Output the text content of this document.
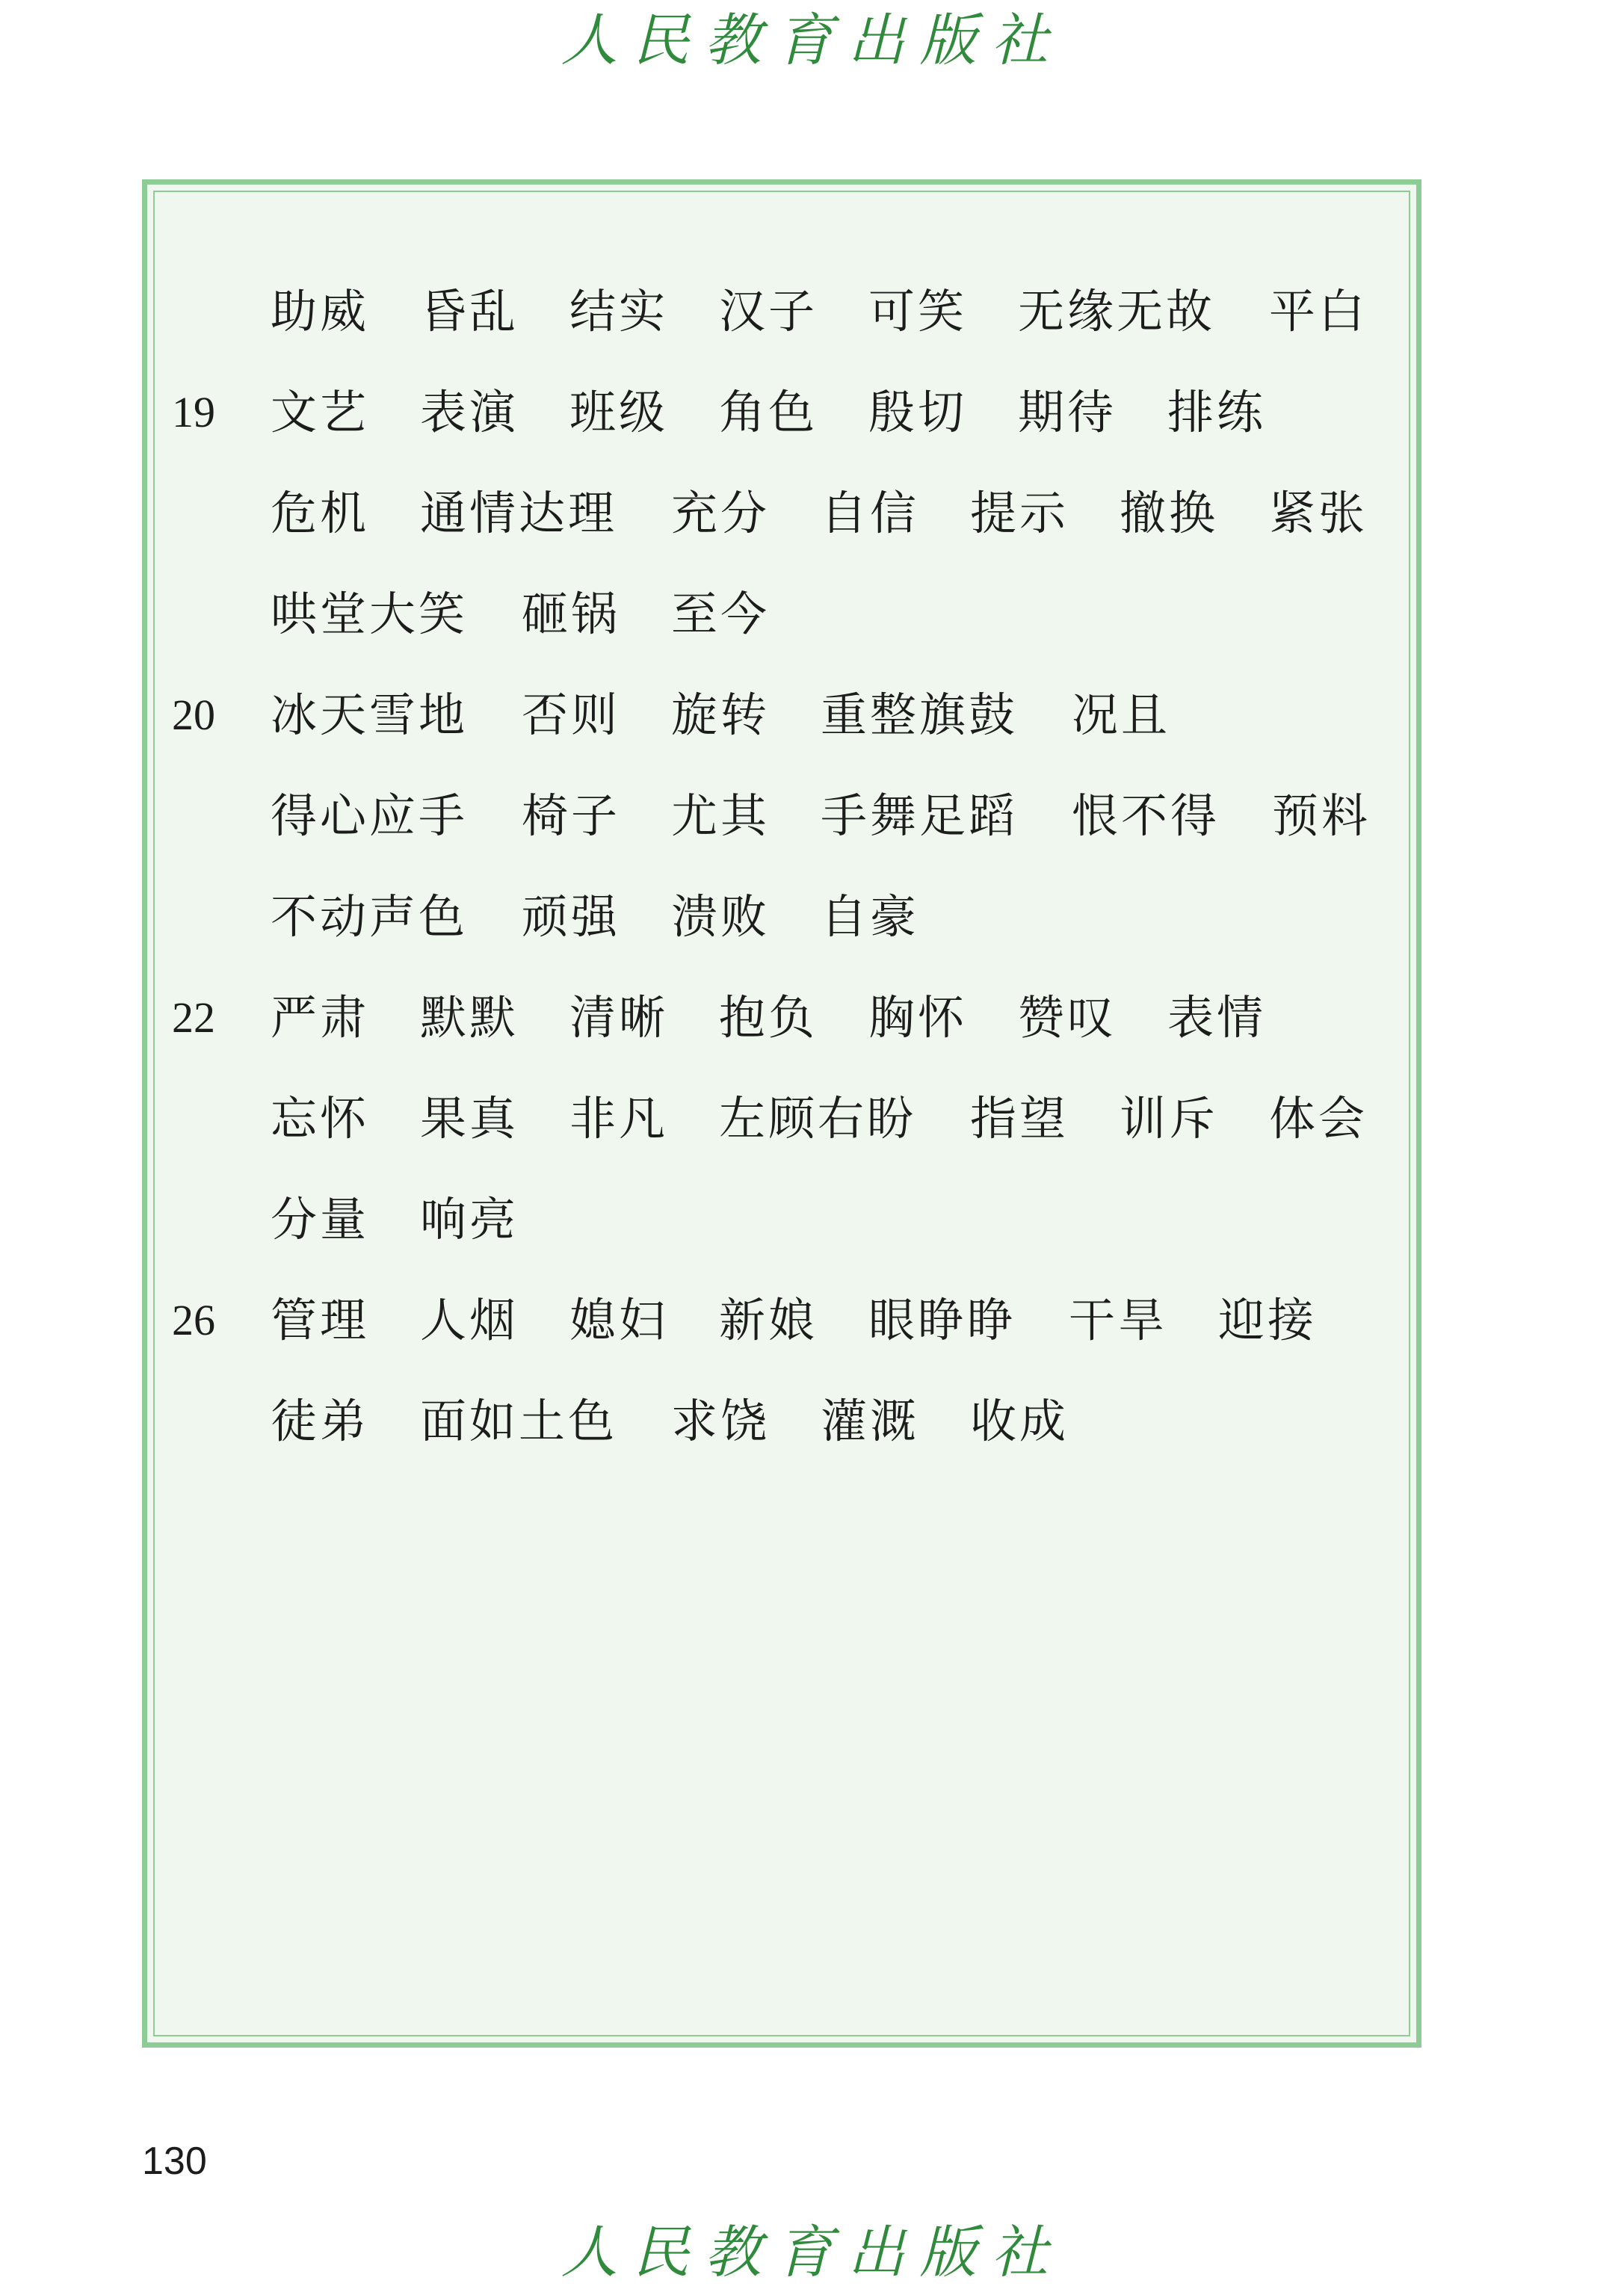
人民教育出版社
助威 昏乱 结实 汉子 可笑 无缘无故 平白
19	文艺 表演 班级 角色 殷切 期待 排练
危机 通情达理 充分 自信 提示 撤换 紧张
哄堂大笑 砸锅 至今
20	冰天雪地 否则 旋转 重整旗鼓 况且
得心应手 椅子 尤其 手舞足蹈 恨不得 预料
不动声色 顽强 溃败 自豪
22	严肃 默默 清晰 抱负 胸怀 赞叹 表情
忘怀 果真 非凡 左顾右盼 指望 训斥 体会
分量 响亮
26	管理 人烟 媳妇 新娘 眼睁睁 干旱 迎接
徒弟 面如土色 求饶 灌溉 收成
130
人民教育出版社
